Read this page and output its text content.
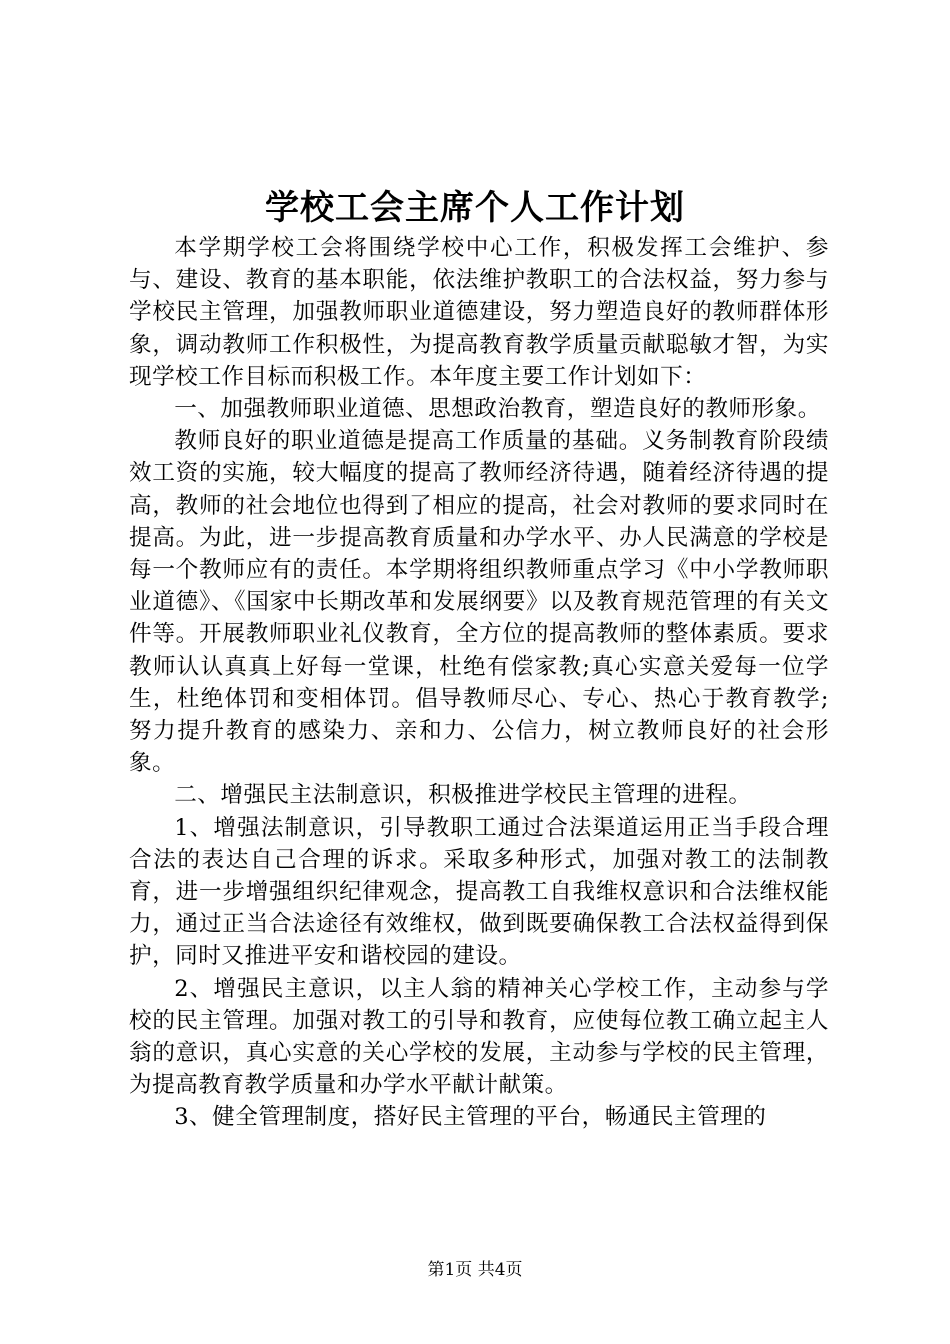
学校工会主席个人工作计划

本学期学校工会将围绕学校中心工作，积极发挥工会维护、参与、建设、教育的基本职能，依法维护教职工的合法权益，努力参与学校民主管理，加强教师职业道德建设，努力塑造良好的教师群体形象，调动教师工作积极性，为提高教育教学质量贡献聪敏才智，为实现学校工作目标而积极工作。本年度主要工作计划如下：

一、加强教师职业道德、思想政治教育，塑造良好的教师形象。

教师良好的职业道德是提高工作质量的基础。义务制教育阶段绩效工资的实施，较大幅度的提高了教师经济待遇，随着经济待遇的提高，教师的社会地位也得到了相应的提高，社会对教师的要求同时在提高。为此，进一步提高教育质量和办学水平、办人民满意的学校是每一个教师应有的责任。本学期将组织教师重点学习《中小学教师职业道德》、《国家中长期改革和发展纲要》以及教育规范管理的有关文件等。开展教师职业礼仪教育，全方位的提高教师的整体素质。要求教师认认真真上好每一堂课，杜绝有偿家教;真心实意关爱每一位学生，杜绝体罚和变相体罚。倡导教师尽心、专心、热心于教育教学;努力提升教育的感染力、亲和力、公信力，树立教师良好的社会形象。

二、增强民主法制意识，积极推进学校民主管理的进程。

1、增强法制意识，引导教职工通过合法渠道运用正当手段合理合法的表达自己合理的诉求。采取多种形式，加强对教工的法制教育，进一步增强组织纪律观念，提高教工自我维权意识和合法维权能力，通过正当合法途径有效维权，做到既要确保教工合法权益得到保护，同时又推进平安和谐校园的建设。

2、增强民主意识，以主人翁的精神关心学校工作，主动参与学校的民主管理。加强对教工的引导和教育，应使每位教工确立起主人翁的意识，真心实意的关心学校的发展，主动参与学校的民主管理，为提高教育教学质量和办学水平献计献策。

3、健全管理制度，搭好民主管理的平台，畅通民主管理的

第1页 共4页
